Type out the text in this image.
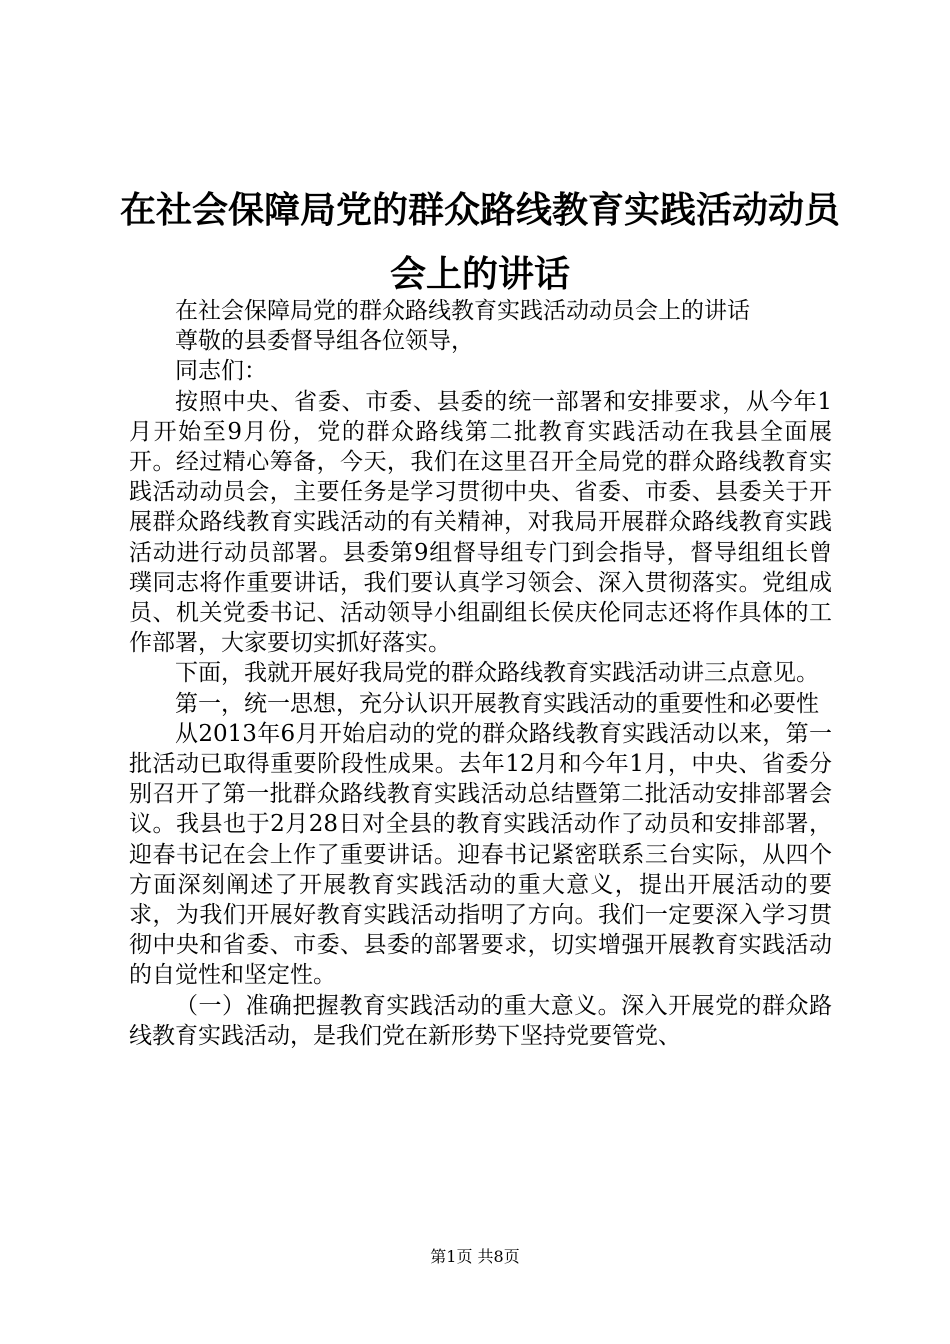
在社会保障局党的群众路线教育实践活动动员会上的讲话

在社会保障局党的群众路线教育实践活动动员会上的讲话

尊敬的县委督导组各位领导，

同志们：

按照中央、省委、市委、县委的统一部署和安排要求，从今年1月开始至9月份，党的群众路线第二批教育实践活动在我县全面展开。经过精心筹备，今天，我们在这里召开全局党的群众路线教育实践活动动员会，主要任务是学习贯彻中央、省委、市委、县委关于开展群众路线教育实践活动的有关精神，对我局开展群众路线教育实践活动进行动员部署。县委第9组督导组专门到会指导，督导组组长曾璞同志将作重要讲话，我们要认真学习领会、深入贯彻落实。党组成员、机关党委书记、活动领导小组副组长侯庆伦同志还将作具体的工作部署，大家要切实抓好落实。

下面，我就开展好我局党的群众路线教育实践活动讲三点意见。

第一，统一思想，充分认识开展教育实践活动的重要性和必要性

从2013年6月开始启动的党的群众路线教育实践活动以来，第一批活动已取得重要阶段性成果。去年12月和今年1月，中央、省委分别召开了第一批群众路线教育实践活动总结暨第二批活动安排部署会议。我县也于2月28日对全县的教育实践活动作了动员和安排部署，迎春书记在会上作了重要讲话。迎春书记紧密联系三台实际，从四个方面深刻阐述了开展教育实践活动的重大意义，提出开展活动的要求，为我们开展好教育实践活动指明了方向。我们一定要深入学习贯彻中央和省委、市委、县委的部署要求，切实增强开展教育实践活动的自觉性和坚定性。

（一）准确把握教育实践活动的重大意义。深入开展党的群众路线教育实践活动，是我们党在新形势下坚持党要管党、

第1页 共8页
